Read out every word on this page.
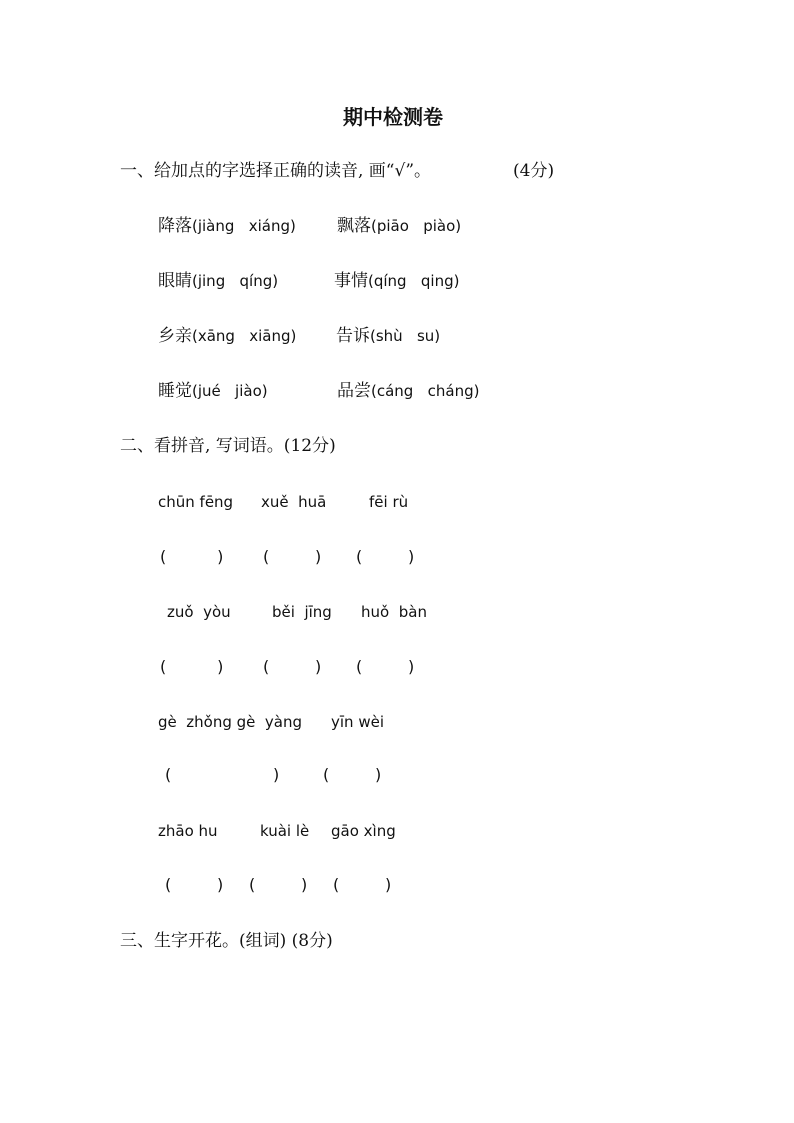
期中检测卷
一、给加点的字选择正确的读音, 画“√”。	(4分)
降落 (jiàng   xiáng) 飘落 (piāo   piào)
眼睛 (jing   qíng)	事情 (qíng   qing)
乡亲 (xāng   xiāng) 告诉 (shù   su)
睡觉 (jué   jiào)	品尝 (cáng   cháng)
二、看拼音, 写词语。(12分)
chūn fēng xuě  huā	fēi rù
(          ) (         ) (         )
zuǒ  yòu	běi  jīng huǒ  bàn
(          ) (         ) (         )
gè  zhǒng gè  yàng yīn wèi
(                    )	(         )
zhāo hu	kuài lè gāo xìng
(         ) (         ) (         )
三、生字开花。(组词) (8分)
